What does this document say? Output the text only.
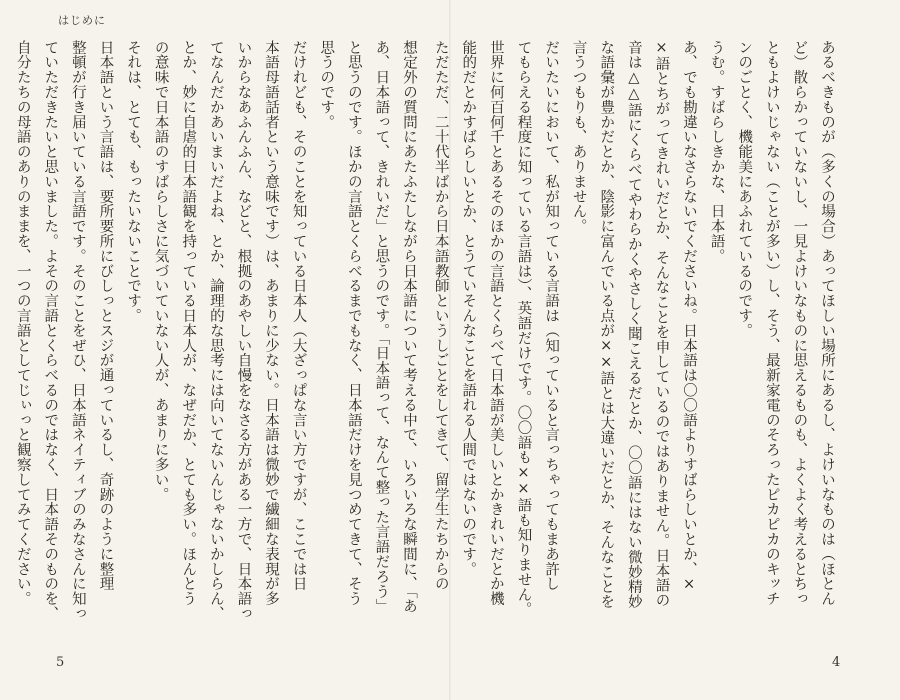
はじめに
想定外の質問にあたふたしながら日本語について考える中で、いろいろな瞬間に、「あ
あ、日本語って、きれいだ」と思うのです。「日本語って、なんて整った言語だろう」
と思うのです。ほかの言語とくらべるまでもなく、日本語だけを見つめてきて、そう
思うのです。
だけれども、そのことを知っている日本人（大ざっぱな言い方ですが、ここでは日
本語母語話者という意味です）は、あまりに少ない。日本語は微妙で繊細な表現が多
いからなあふんふん、などと、根拠のあやしい自慢をなさる方がある一方で、日本語っ
てなんだかあいまいだよね、とか、論理的な思考には向いてないんじゃないかしらん、
とか、妙に自虐的日本語観を持っている日本人が、なぜだか、とても多い。ほんとう
の意味で日本語のすばらしさに気づいていない人が、あまりに多い。
それは、とても、もったいないことです。
日本語という言語は、要所要所にびしっとスジが通っているし、奇跡のように整理
整頓が行き届いている言語です。そのことをぜひ、日本語ネイティブのみなさんに知っ
ていただきたいと思いました。よその言語とくらべるのではなく、日本語そのものを、
自分たちの母語のありのままを、一つの言語としてじぃっと観察してみてください。
5
あるべきものが（多くの場合）あってほしい場所にあるし、よけいなものは（ほとん
ど）散らかっていないし、一見よけいなものに思えるものも、よくよく考えるとちっ
ともよけいじゃない（ことが多い）し、そう、最新家電のそろったピカピカのキッチ
ンのごとく、機能美にあふれているのです。
うむ。すばらしきかな、日本語。
あ、でも勘違いなさらないでくださいね。日本語は〇〇語よりすばらしいとか、×
×語とちがってきれいだとか、そんなことを申しているのではありません。日本語の
音は△△語にくらべてやわらかくやさしく聞こえるだとか、〇〇語にはない微妙精妙
な語彙が豊かだとか、陰影に富んでいる点が××語とは大違いだとか、そんなことを
言うつもりも、ありません。
だいたいにおいて、私が知っている言語は（知っていると言っちゃってもまあ許し
てもらえる程度に知っている言語は）、英語だけです。〇〇語も××語も知りません。
世界に何百何千とあるそのほかの言語とくらべて日本語が美しいとかきれいだとか機
能的だとかすばらしいとか、とうていそんなことを語れる人間ではないのです。
ただただ、二十代半ばから日本語教師というしごとをしてきて、留学生たちからの
4
